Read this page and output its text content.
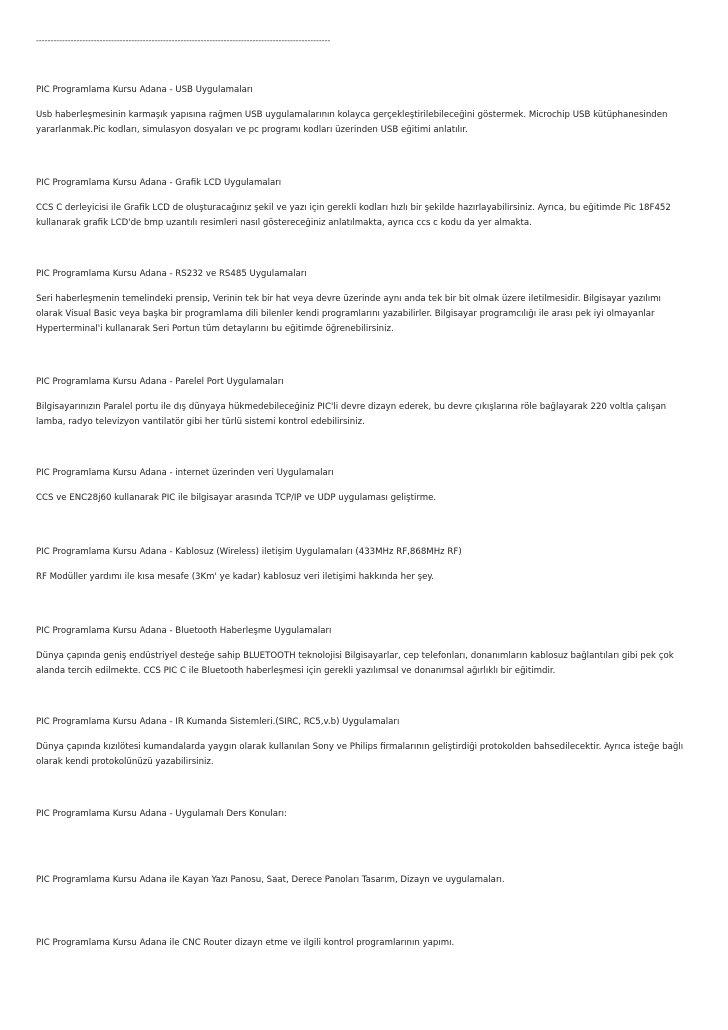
------------------------------------------------------------------------------------------------------
PIC Programlama Kursu Adana - USB Uygulamaları
Usb haberleşmesinin karmaşık yapısına rağmen USB uygulamalarının kolayca gerçekleştirilebileceğini göstermek. Microchip USB kütüphanesinden yararlanmak.Pic kodları, simulasyon dosyaları ve pc programı kodları üzerinden USB eğitimi anlatılır.
PIC Programlama Kursu Adana - Grafik LCD Uygulamaları
CCS C derleyicisi ile Grafik LCD de oluşturacağınız şekil ve yazı için gerekli kodları hızlı bir şekilde hazırlayabilirsiniz. Ayrıca, bu eğitimde Pic 18F452 kullanarak grafik LCD'de bmp uzantılı resimleri nasıl göstereceğiniz anlatılmakta, ayrıca ccs c kodu da yer almakta.
PIC Programlama Kursu Adana - RS232 ve RS485 Uygulamaları
Seri haberleşmenin temelindeki prensip, Verinin tek bir hat veya devre üzerinde aynı anda tek bir bit olmak üzere iletilmesidir. Bilgisayar yazılımı olarak Visual Basic veya başka bir programlama dili bilenler kendi programlarını yazabilirler. Bilgisayar programcılığı ile arası pek iyi olmayanlar Hyperterminal'i kullanarak Seri Portun tüm detaylarını bu eğitimde öğrenebilirsiniz.
PIC Programlama Kursu Adana - Parelel Port Uygulamaları
Bilgisayarınızın Paralel portu ile dış dünyaya hükmedebileceğiniz PIC'li devre dizayn ederek, bu devre çıkışlarına röle bağlayarak 220 voltla çalışan lamba, radyo televizyon vantilatör gibi her türlü sistemi kontrol edebilirsiniz.
PIC Programlama Kursu Adana - internet üzerinden veri Uygulamaları
CCS ve ENC28j60 kullanarak PIC ile bilgisayar arasında TCP/IP ve UDP uygulaması geliştirme.
PIC Programlama Kursu Adana - Kablosuz (Wireless) iletişim Uygulamaları (433MHz RF,868MHz RF)
RF Modüller yardımı ile kısa mesafe (3Km' ye kadar) kablosuz veri iletişimi hakkında her şey.
PIC Programlama Kursu Adana - Bluetooth Haberleşme Uygulamaları
Dünya çapında geniş endüstriyel desteğe sahip BLUETOOTH teknolojisi Bilgisayarlar, cep telefonları, donanımların kablosuz bağlantıları gibi pek çok alanda tercih edilmekte. CCS PIC C ile Bluetooth haberleşmesi için gerekli yazılımsal ve donanımsal ağırlıklı bir eğitimdir.
PIC Programlama Kursu Adana - IR Kumanda Sistemleri.(SIRC, RC5,v.b) Uygulamaları
Dünya çapında kızılötesi kumandalarda yaygın olarak kullanılan Sony ve Philips firmalarının geliştirdiği protokolden bahsedilecektir. Ayrıca isteğe bağlı olarak kendi protokolünüzü yazabilirsiniz.
PIC Programlama Kursu Adana - Uygulamalı Ders Konuları:
PIC Programlama Kursu Adana ile Kayan Yazı Panosu, Saat, Derece Panoları Tasarım, Dizayn ve uygulamaları.
PIC Programlama Kursu Adana ile CNC Router dizayn etme ve ilgili kontrol programlarının yapımı.
